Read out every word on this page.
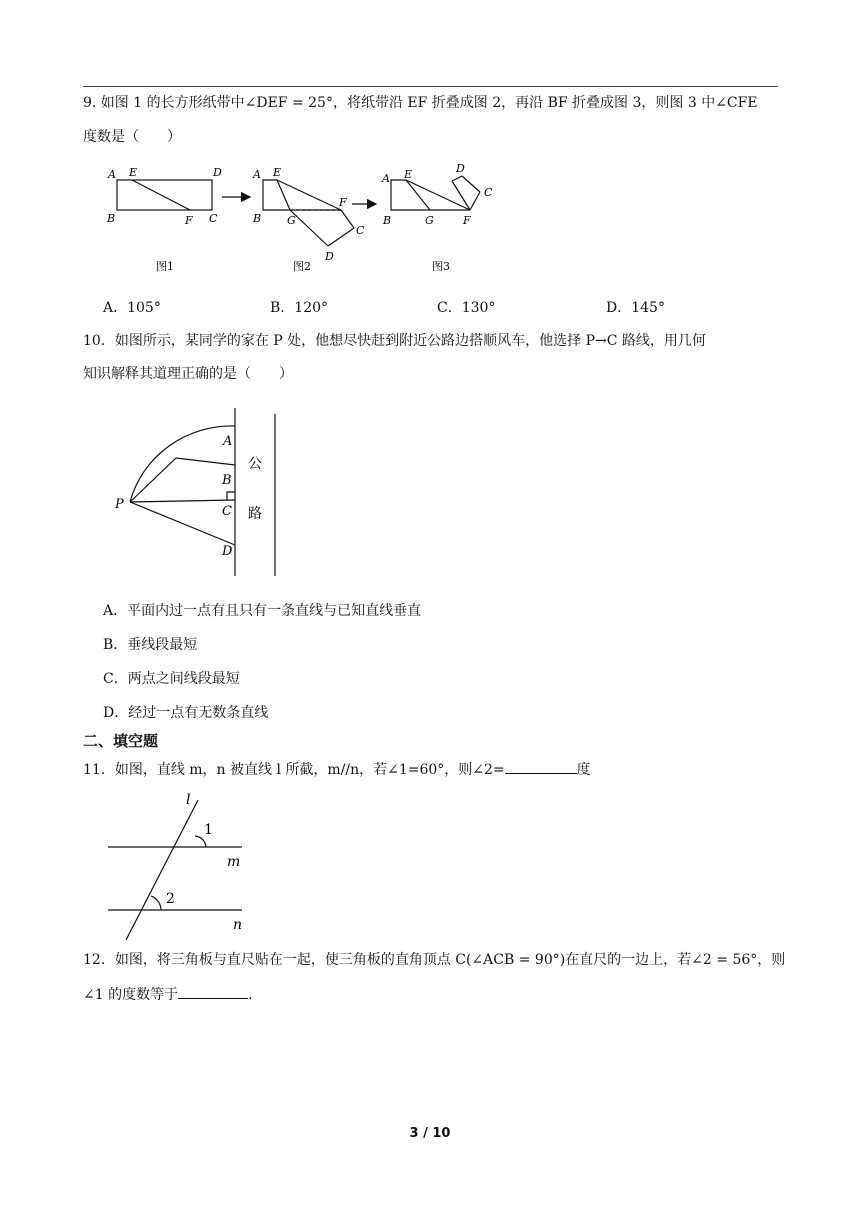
9. 如图 1 的长方形纸带中∠DEF = 25°，将纸带沿 EF 折叠成图 2，再沿 BF 折叠成图 3，则图 3 中∠CFE
度数是（　　）
A E	D
B	F C
图1
A E
B G
F
C
D
图2
A E
B	G	F
D
C
图3
A．105°	B．120°	C．130°	D．145°
10．如图所示，某同学的家在 P 处，他想尽快赶到附近公路边搭顺风车，他选择 P→C 路线，用几何
知识解释其道理正确的是（　　）
A
B
C
D
P
公
路
A．平面内过一点有且只有一条直线与已知直线垂直
B．垂线段最短
C．两点之间线段最短
D．经过一点有无数条直线
二、填空题
11．如图，直线 m，n 被直线 l 所截，m//n，若∠1=60°，则∠2=	度
l
1
m
2
n
12．如图，将三角板与直尺贴在一起，使三角板的直角顶点 C(∠ACB = 90°)在直尺的一边上，若∠2 = 56°，则
∠1 的度数等于	.
3 / 10
